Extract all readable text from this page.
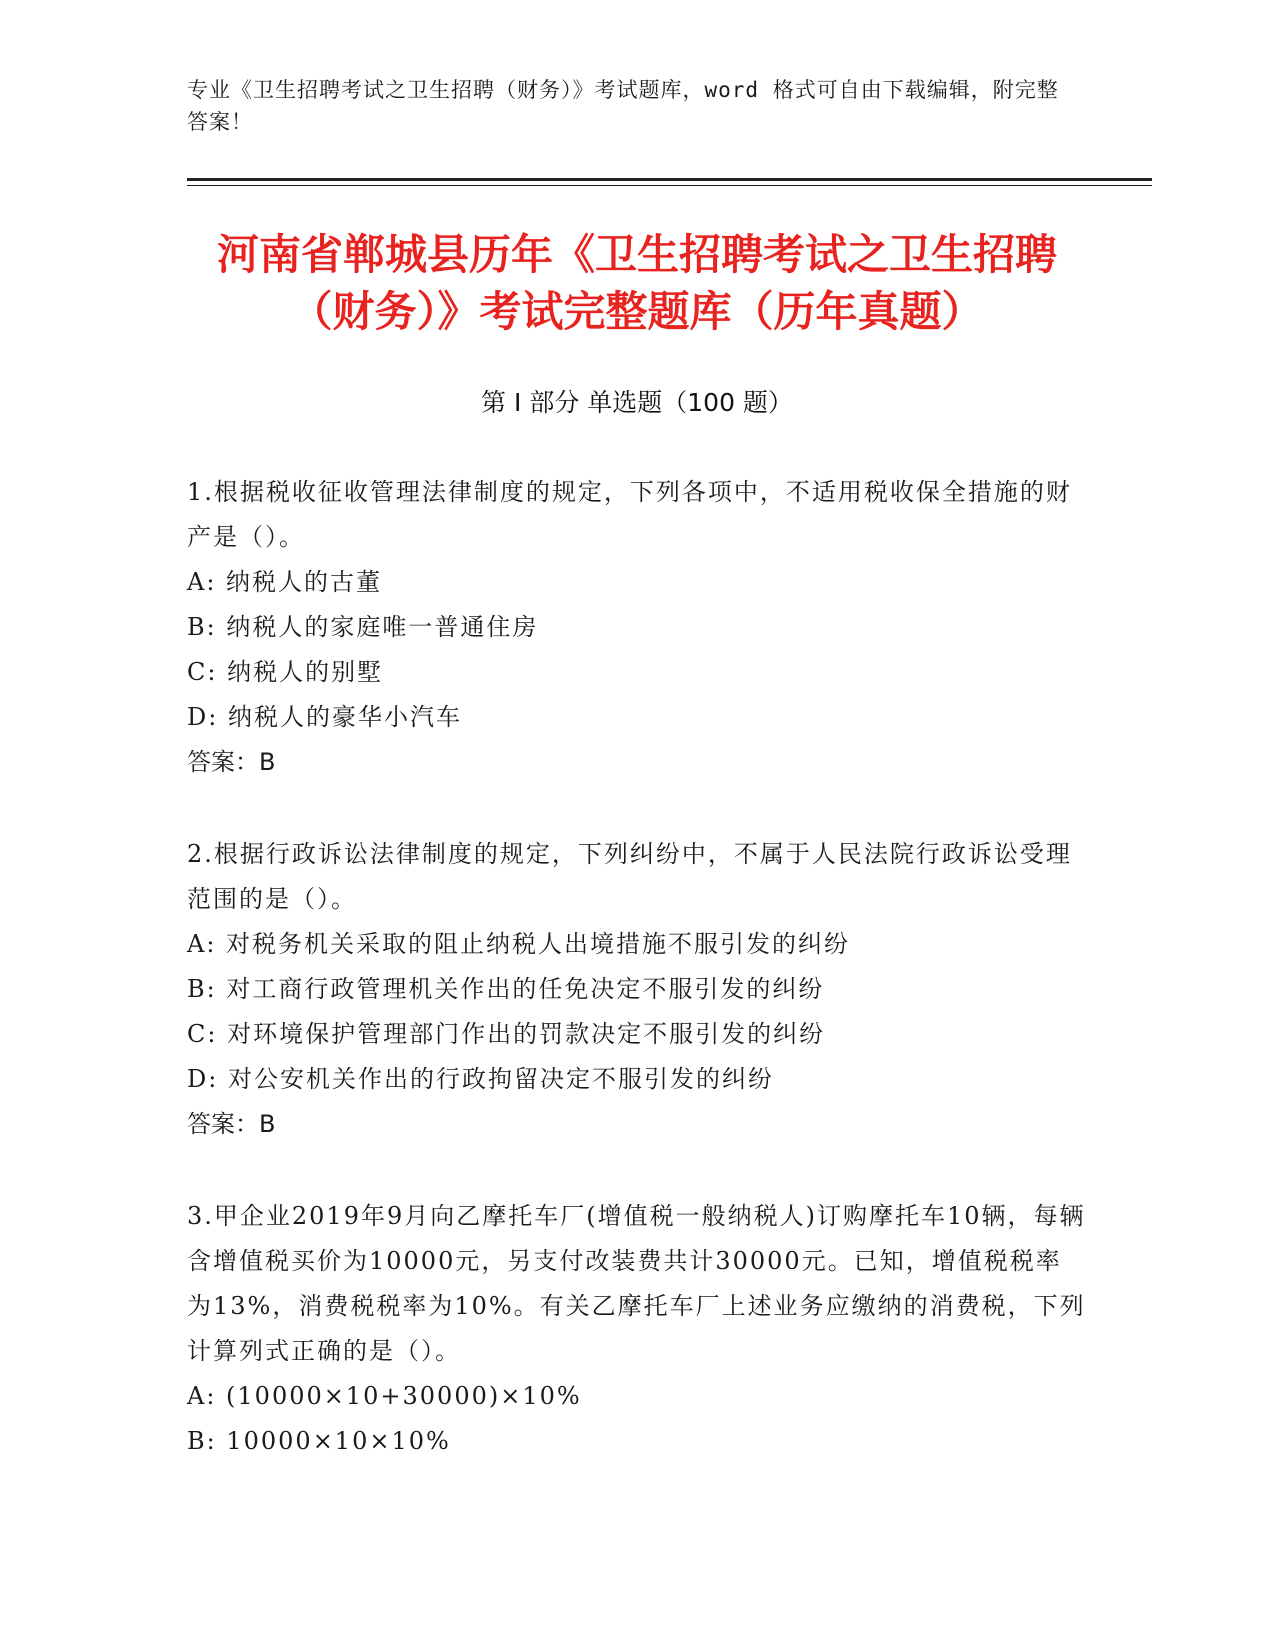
专业《卫生招聘考试之卫生招聘（财务）》考试题库，word 格式可自由下载编辑，附完整答案！
河南省郸城县历年《卫生招聘考试之卫生招聘（财务）》考试完整题库（历年真题）
第 I 部分 单选题（100 题）
1.根据税收征收管理法律制度的规定，下列各项中，不适用税收保全措施的财产是（）。
A: 纳税人的古董
B: 纳税人的家庭唯一普通住房
C: 纳税人的别墅
D: 纳税人的豪华小汽车
答案：B
2.根据行政诉讼法律制度的规定，下列纠纷中，不属于人民法院行政诉讼受理范围的是（）。
A: 对税务机关采取的阻止纳税人出境措施不服引发的纠纷
B: 对工商行政管理机关作出的任免决定不服引发的纠纷
C: 对环境保护管理部门作出的罚款决定不服引发的纠纷
D: 对公安机关作出的行政拘留决定不服引发的纠纷
答案：B
3.甲企业2019年9月向乙摩托车厂(增值税一般纳税人)订购摩托车10辆，每辆含增值税买价为10000元，另支付改装费共计30000元。已知，增值税税率为13%，消费税税率为10%。有关乙摩托车厂上述业务应缴纳的消费税，下列计算列式正确的是（）。
A: (10000×10+30000)×10%
B: 10000×10×10%
